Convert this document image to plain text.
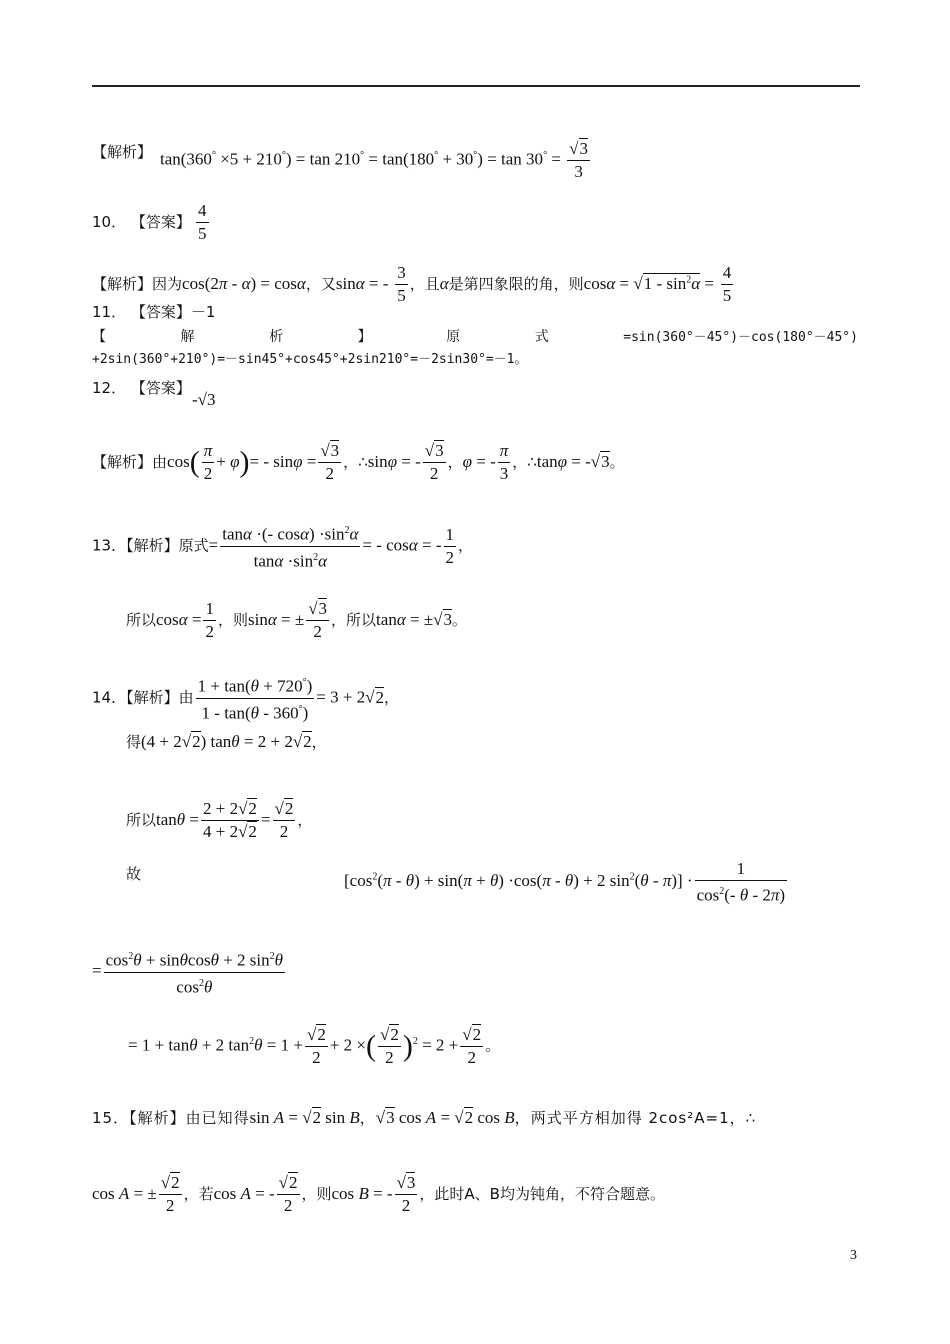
【解析】 $\tan(360^\circ \times 5 + 210^\circ) = \tan 210^\circ = \tan(180^\circ + 30^\circ) = \tan 30^\circ = \frac{√3}{3}$
10． 【答案】 $\frac{4}{5}$
【解析】因为cos(2π - α) = cosα，又sinα = - $\frac{3}{5}$ ，且α是第四象限的角，则$\cos\alpha = √1 - \sin^2\alpha = \frac{4}{5}$
11． 【答案】－1
【	解	析	】	原	式	=sin(360°－45°)－cos(180°－45°)
+2sin(360°+210°)=－sin45°+cos45°+2sin210°=－2sin30°=－1。
12． 【答案】
-√3
【解析】由$\cos( \frac{\pi}{2} + \varphi)= - \sin\varphi = \frac{√3}{2}$ ，∴sinφ = - $\frac{√3}{2}$ ，φ = - $\frac{\pi}{3}$ ，∴tanφ = -√3。
13．【解析】原式= $\frac{\tan\alpha \cdot(- \cos\alpha) \cdot\sin^2\alpha}{\tan\alpha \cdot\sin^2\alpha}$ = - cosα = - $\frac{1}{2}$ ，
所以$\cos\alpha = \frac{1}{2}$ ，则sinα = ± $\frac{√3}{2}$ ，所以tanα = ±√3。
14．【解析】由 $\frac{1 + \tan(\theta + 720^\circ)}{1 - \tan(\theta - 360^\circ)} = 3 + 2√2$，
得(4 + 2√2) tanθ = 2 + 2√2，
所以$\tan\theta = \frac{2 + 2√2}{4 + 2√2} = \frac{√2}{2}$ ，
故	[$\cos^2(\pi - \theta) + \sin(\pi + \theta) \cdot\cos(\pi - \theta) + 2$ $\sin^2(\theta - \pi)] \cdot \frac{1}{\cos^2(- \theta - 2\pi)}$
= $\frac{\cos^2\theta + \sin\theta\cos\theta + 2 \sin^2\theta}{\cos^2\theta}$
= 1 + tanθ + 2 $\tan^2\theta = 1 + \frac{√2}{2} + 2$ ×( $\frac{√2}{2} )^2 = 2 + \frac{√2}{2}$ 。
15．【解析】由已知得sin A = √2 sin B，√3 cos A = √2 cos B，两式平方相加得 2cos²A=1，∴
cos A = ± $\frac{√2}{2}$ ，若cos A = - $\frac{√2}{2}$ ，则cos B = - $\frac{√3}{2}$ ，此时A、B均为钝角，不符合题意。
3
